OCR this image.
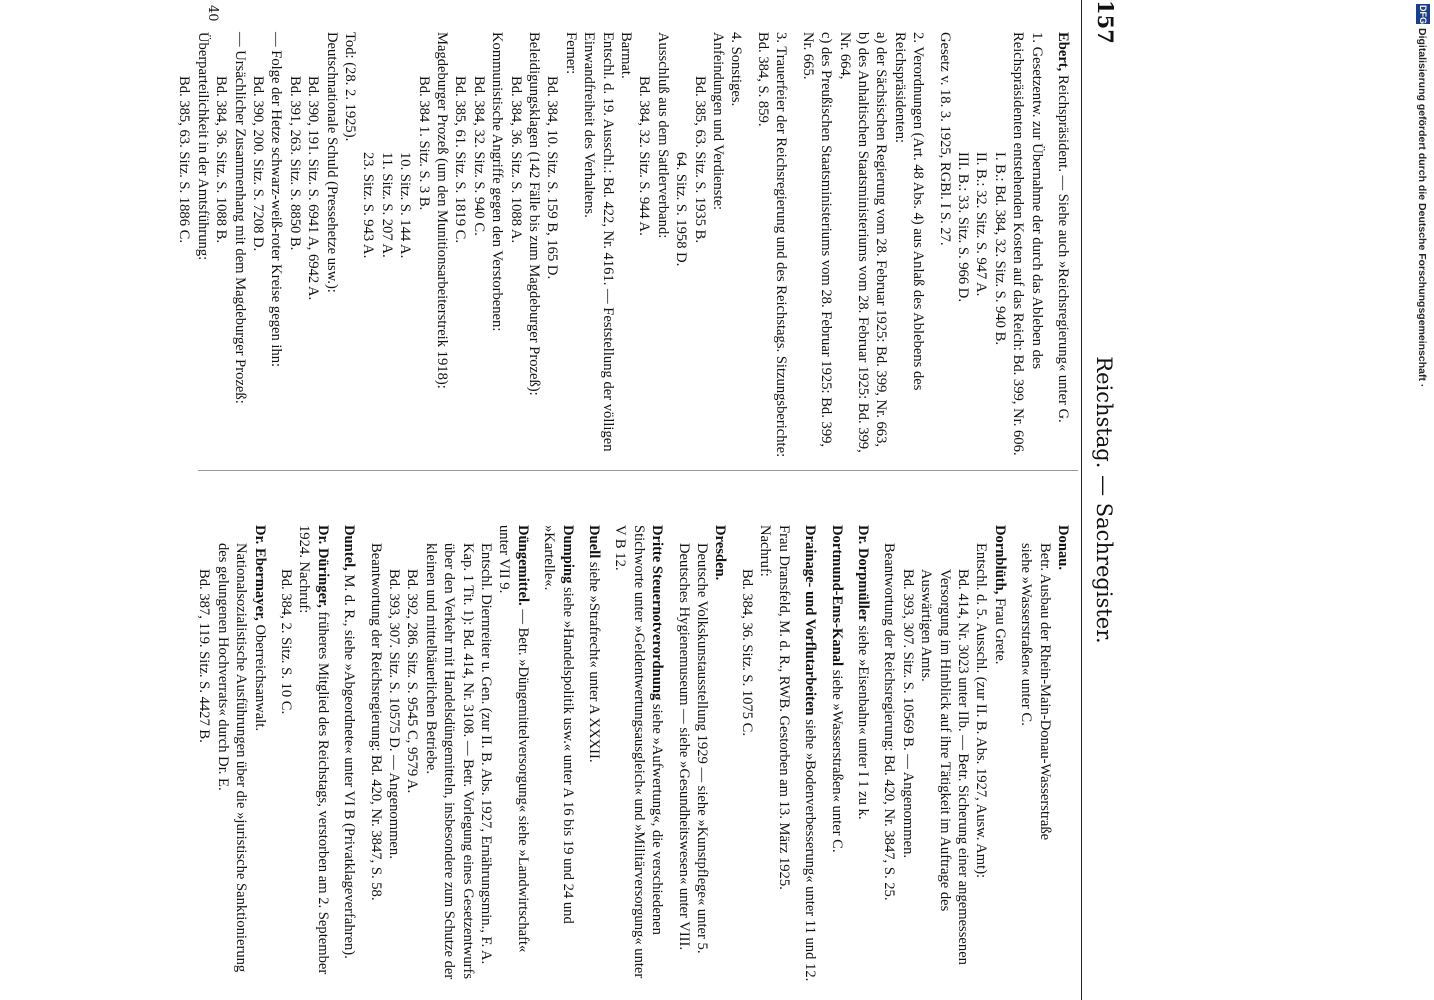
157
Reichstag. — Sachregister.
Donau.
Betr. Ausbau der Rhein-Main-Donau-Wasserstraße
siehe »Wasserstraßen« unter C.
Dornblüth, Frau Grete.
Entschl. d. 5. Ausschl. (zur II. B. Abs. 1927, Ausw. Amt):
Bd. 414, Nr. 3023 unter IIb. — Betr. Sicherung einer angemessenen Versorgung im Hinblick auf ihre Tätigkeit im Auftrage des Auswärtigen Amts.
Bd. 393, 307. Sitz. S. 10569 B. — Angenommen.
Beantwortung der Reichsregierung: Bd. 420, Nr. 3847, S. 25.
Dr. Dorpmüller siehe »Eisenbahn« unter I 1 zu k.
Dortmund-Ems-Kanal siehe »Wasserstraßen« unter C.
Drainage- und Vorflutarbeiten siehe »Bodenverbesserung« unter 11 und 12.
Frau Dransfeld, M. d. R., RWB. Gestorben am 13. März 1925.
Nachruf:
Bd. 384, 36. Sitz. S. 1075 C.
Dresden.
Deutsche Volkskunstausstellung 1929 — siehe »Kunstpflege« unter 5.
Deutsches Hygienemuseum — siehe »Gesundheitswesen« unter VIII.
Dritte Steuernotverordnung siehe »Aufwertung«, die verschiedenen Stichworte unter »Geldentwertungsausgleich« und »Militärversorgung« unter V B 12.
Duell siehe »Strafrecht« unter A XXXII.
Dumping siehe »Handelspolitik usw.« unter A 16 bis 19 und 24 und »Kartelle«.
Düngemittel. — Betr. »Düngemittelversorgung« siehe »Landwirtschaft« unter VII 9.
Entschl. Diernreiter u. Gen. (zur II. B. Abs. 1927, Ernährungsmin., F. A. Kap. 1 Tit. 1): Bd. 414, Nr. 3108. — Betr. Vorlegung eines Gesetzentwurfs über den Verkehr mit Handelsdüngemitteln, insbesondere zum Schutze der kleinen und mittelbäuerlichen Betriebe.
Bd. 392, 286. Sitz. S. 9545 C, 9579 A.
Bd. 393, 307. Sitz. S. 10575 D. — Angenommen.
Beantwortung der Reichsregierung: Bd. 420, Nr. 3847, S. 58.
Duntel, M. d. R., siehe »Abgeordnete« unter VI B (Privatklageverfahren).
Dr. Düringer, früheres Mitglied des Reichstags, verstorben am 2. September 1924. Nachruf:
Bd. 384, 2. Sitz. S. 10 C.
Dr. Ebermayer, Oberreichsanwalt.
Nationalsozialistische Ausführungen über die »juristische Sanktionierung des gelungenen Hochverrats« durch Dr. E.
Bd. 387, 119. Sitz. S. 4427 B.
Ebert, Reichspräsident. — Siehe auch »Reichsregierung« unter G.
1. Gesetzentw. zur Übernahme der durch das Ableben des Reichspräsidenten entstehenden Kosten auf das Reich: Bd. 399, Nr. 606.
I. B.: Bd. 384, 32. Sitz. S. 940 B.
II. B.: 32. Sitz. S. 947 A.
III. B.: 33. Sitz. S. 966 D.
Gesetz v. 18. 3. 1925, RGBl. I S. 27.
2. Verordnungen (Art. 48 Abs. 4) aus Anlaß des Ablebens des Reichspräsidenten:
a) der Sächsischen Regierung vom 28. Februar 1925: Bd. 399, Nr. 663,
b) des Anhaltischen Staatsministeriums vom 28. Februar 1925: Bd. 399, Nr. 664,
c) des Preußischen Staatsministeriums vom 28. Februar 1925: Bd. 399, Nr. 665.
3. Trauerfeier der Reichsregierung und des Reichstags. Sitzungsberichte: Bd. 384, S. 859.
4. Sonstiges.
Anfeindungen und Verdienste:
Bd. 385, 63. Sitz. S. 1935 B.
64. Sitz. S. 1958 D.
Ausschluß aus dem Sattlerverband:
Bd. 384, 32. Sitz. S. 944 A.
Barmat.
Entschl. d. 19. Ausschl.: Bd. 422, Nr. 4161. — Feststellung der völligen Einwandfreiheit des Verhaltens.
Ferner:
Bd. 384, 10. Sitz. S. 159 B, 165 D.
Beleidigungsklagen (142 Fälle bis zum Magdeburger Prozeß):
Bd. 384, 36. Sitz. S. 1088 A.
Kommunistische Angriffe gegen den Verstorbenen:
Bd. 384, 32. Sitz. S. 940 C.
Bd. 385, 61. Sitz. S. 1819 C.
Magdeburger Prozeß (um den Munitionsarbeiterstreik 1918):
Bd. 384 1. Sitz. S. 3 B.
10. Sitz. S. 144 A.
11. Sitz. S. 207 A.
23. Sitz. S. 943 A.
Tod: (28. 2. 1925).
Deutschnationale Schuld (Pressehetze usw.):
Bd. 390, 191. Sitz. S. 6941 A, 6942 A.
Bd. 391, 263. Sitz. S. 8850 B.
— Folge der Hetze schwarz-weiß-roter Kreise gegen ihn:
Bd. 390, 200. Sitz. S. 7208 D.
— Ursächlicher Zusammenhang mit dem Magdeburger Prozeß:
Bd. 384, 36. Sitz. S. 1088 B.
Überparteilichkeit in der Amtsführung:
Bd. 385, 63. Sitz. S. 1886 C.
40	DFG
Digitalisierung gefördert durch die Deutsche Forschungsgemeinschaft ·
